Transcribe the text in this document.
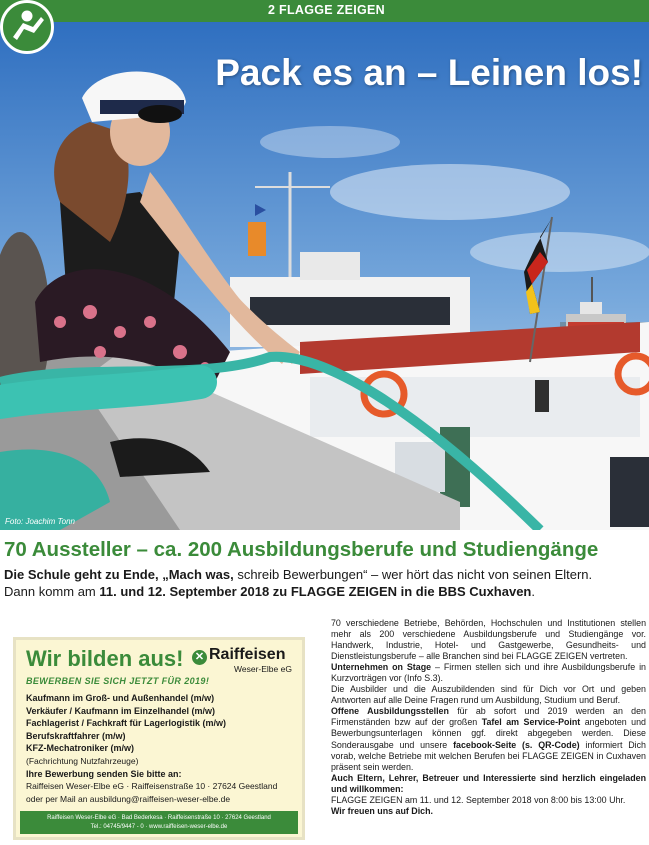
2 FLAGGE ZEIGEN
Pack es an – Leinen los!
Foto: Joachim Tonn
70 Aussteller – ca. 200 Ausbildungsberufe und Studiengänge
Die Schule geht zu Ende, „Mach was, schreib Bewerbungen“ – wer hört das nicht von seinen Eltern.
Dann komm am 11. und 12. September 2018 zu FLAGGE ZEIGEN in die BBS Cuxhaven.
Wir bilden aus! ✕ Raiffeisen
Weser-Elbe eG
BEWERBEN SIE SICH JETZT FÜR 2019!
Kaufmann im Groß- und Außenhandel (m/w)
Verkäufer / Kaufmann im Einzelhandel (m/w)
Fachlagerist / Fachkraft für Lagerlogistik (m/w)
Berufskraftfahrer (m/w)
KFZ-Mechatroniker (m/w)
(Fachrichtung Nutzfahrzeuge)
Ihre Bewerbung senden Sie bitte an:
Raiffeisen Weser-Elbe eG · Raiffeisenstraße 10 · 27624 Geestland
oder per Mail an ausbildung@raiffeisen-weser-elbe.de
Raiffeisen Weser-Elbe eG · Bad Bederkesa · Raiffeisenstraße 10 · 27624 Geestland
Tel.: 04745/9447 - 0 · www.raiffeisen-weser-elbe.de

70 verschiedene Betriebe, Behörden, Hochschulen und Institutionen stellen mehr als 200 verschiedene Ausbildungsberufe und Studiengänge vor. Handwerk, Industrie, Hotel- und Gastgewerbe, Gesundheits- und Dienstleistungsberufe – alle Branchen sind bei FLAGGE ZEIGEN vertreten.

Unternehmen on Stage – Firmen stellen sich und ihre Ausbildungsberufe in Kurzvorträgen vor (Info S.3).

Die Ausbilder und die Auszubildenden sind für Dich vor Ort und geben Antworten auf alle Deine Fragen rund um Ausbildung, Studium und Beruf.

Offene Ausbildungsstellen für ab sofort und 2019 werden an den Firmenständen bzw auf der großen Tafel am Service-Point angeboten und Bewerbungsunterlagen können ggf. direkt abgegeben werden. Diese Sonderausgabe und unsere facebook-Seite (s. QR-Code) informiert Dich vorab, welche Betriebe mit welchen Berufen bei FLAGGE ZEIGEN in Cuxhaven präsent sein werden.

Auch Eltern, Lehrer, Betreuer und Interessierte sind herzlich eingeladen und willkommen:

FLAGGE ZEIGEN am 11. und 12. September 2018 von 8:00 bis 13:00 Uhr.

Wir freuen uns auf Dich.
